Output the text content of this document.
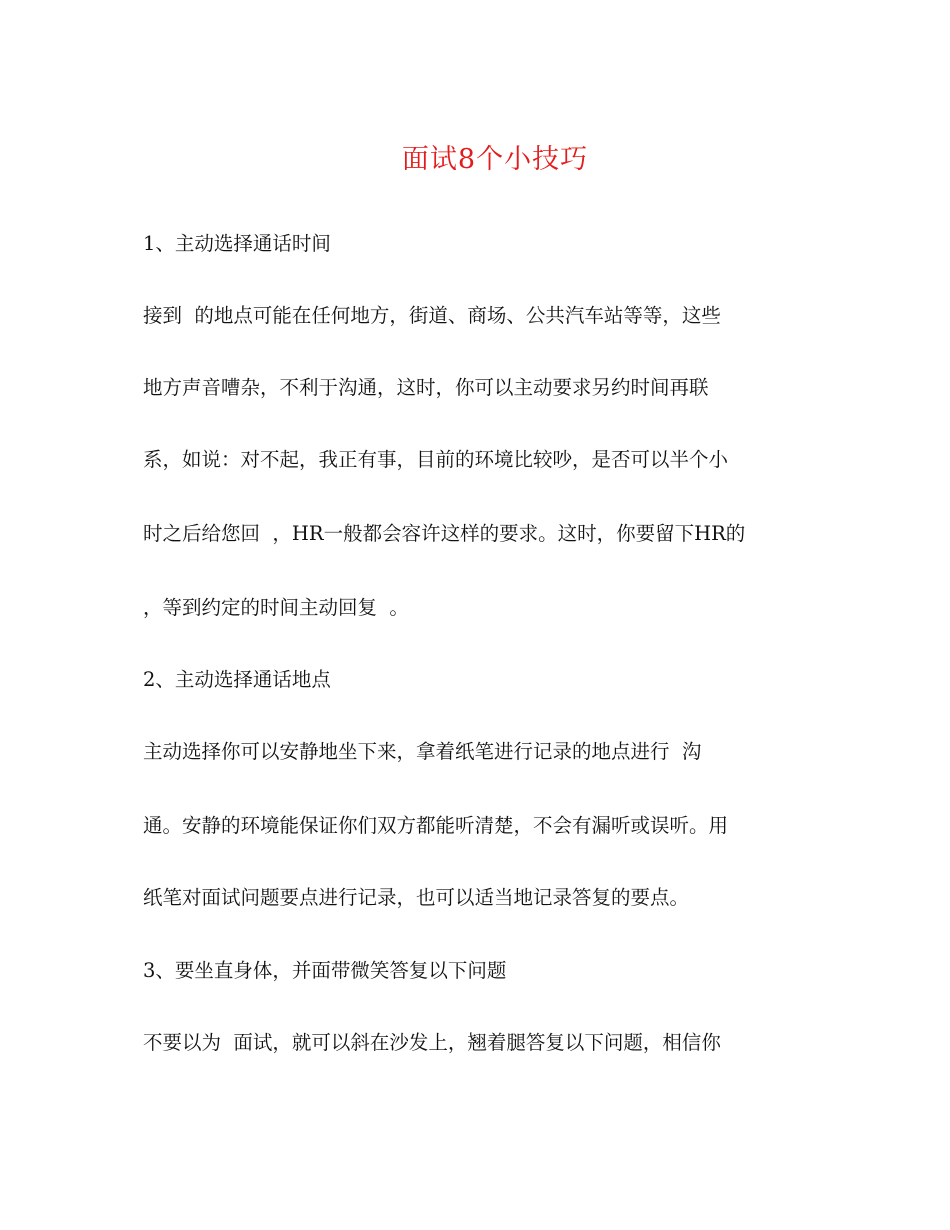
面试8个小技巧
1、主动选择通话时间
接到  的地点可能在任何地方，街道、商场、公共汽车站等等，这些
地方声音嘈杂，不利于沟通，这时，你可以主动要求另约时间再联
系，如说：对不起，我正有事，目前的环境比较吵，是否可以半个小
时之后给您回  ，HR一般都会容许这样的要求。这时，你要留下HR的
，等到约定的时间主动回复  。
2、主动选择通话地点
主动选择你可以安静地坐下来，拿着纸笔进行记录的地点进行  沟
通。安静的环境能保证你们双方都能听清楚，不会有漏听或误听。用
纸笔对面试问题要点进行记录，也可以适当地记录答复的要点。
3、要坐直身体，并面带微笑答复以下问题
不要以为  面试，就可以斜在沙发上，翘着腿答复以下问题，相信你
